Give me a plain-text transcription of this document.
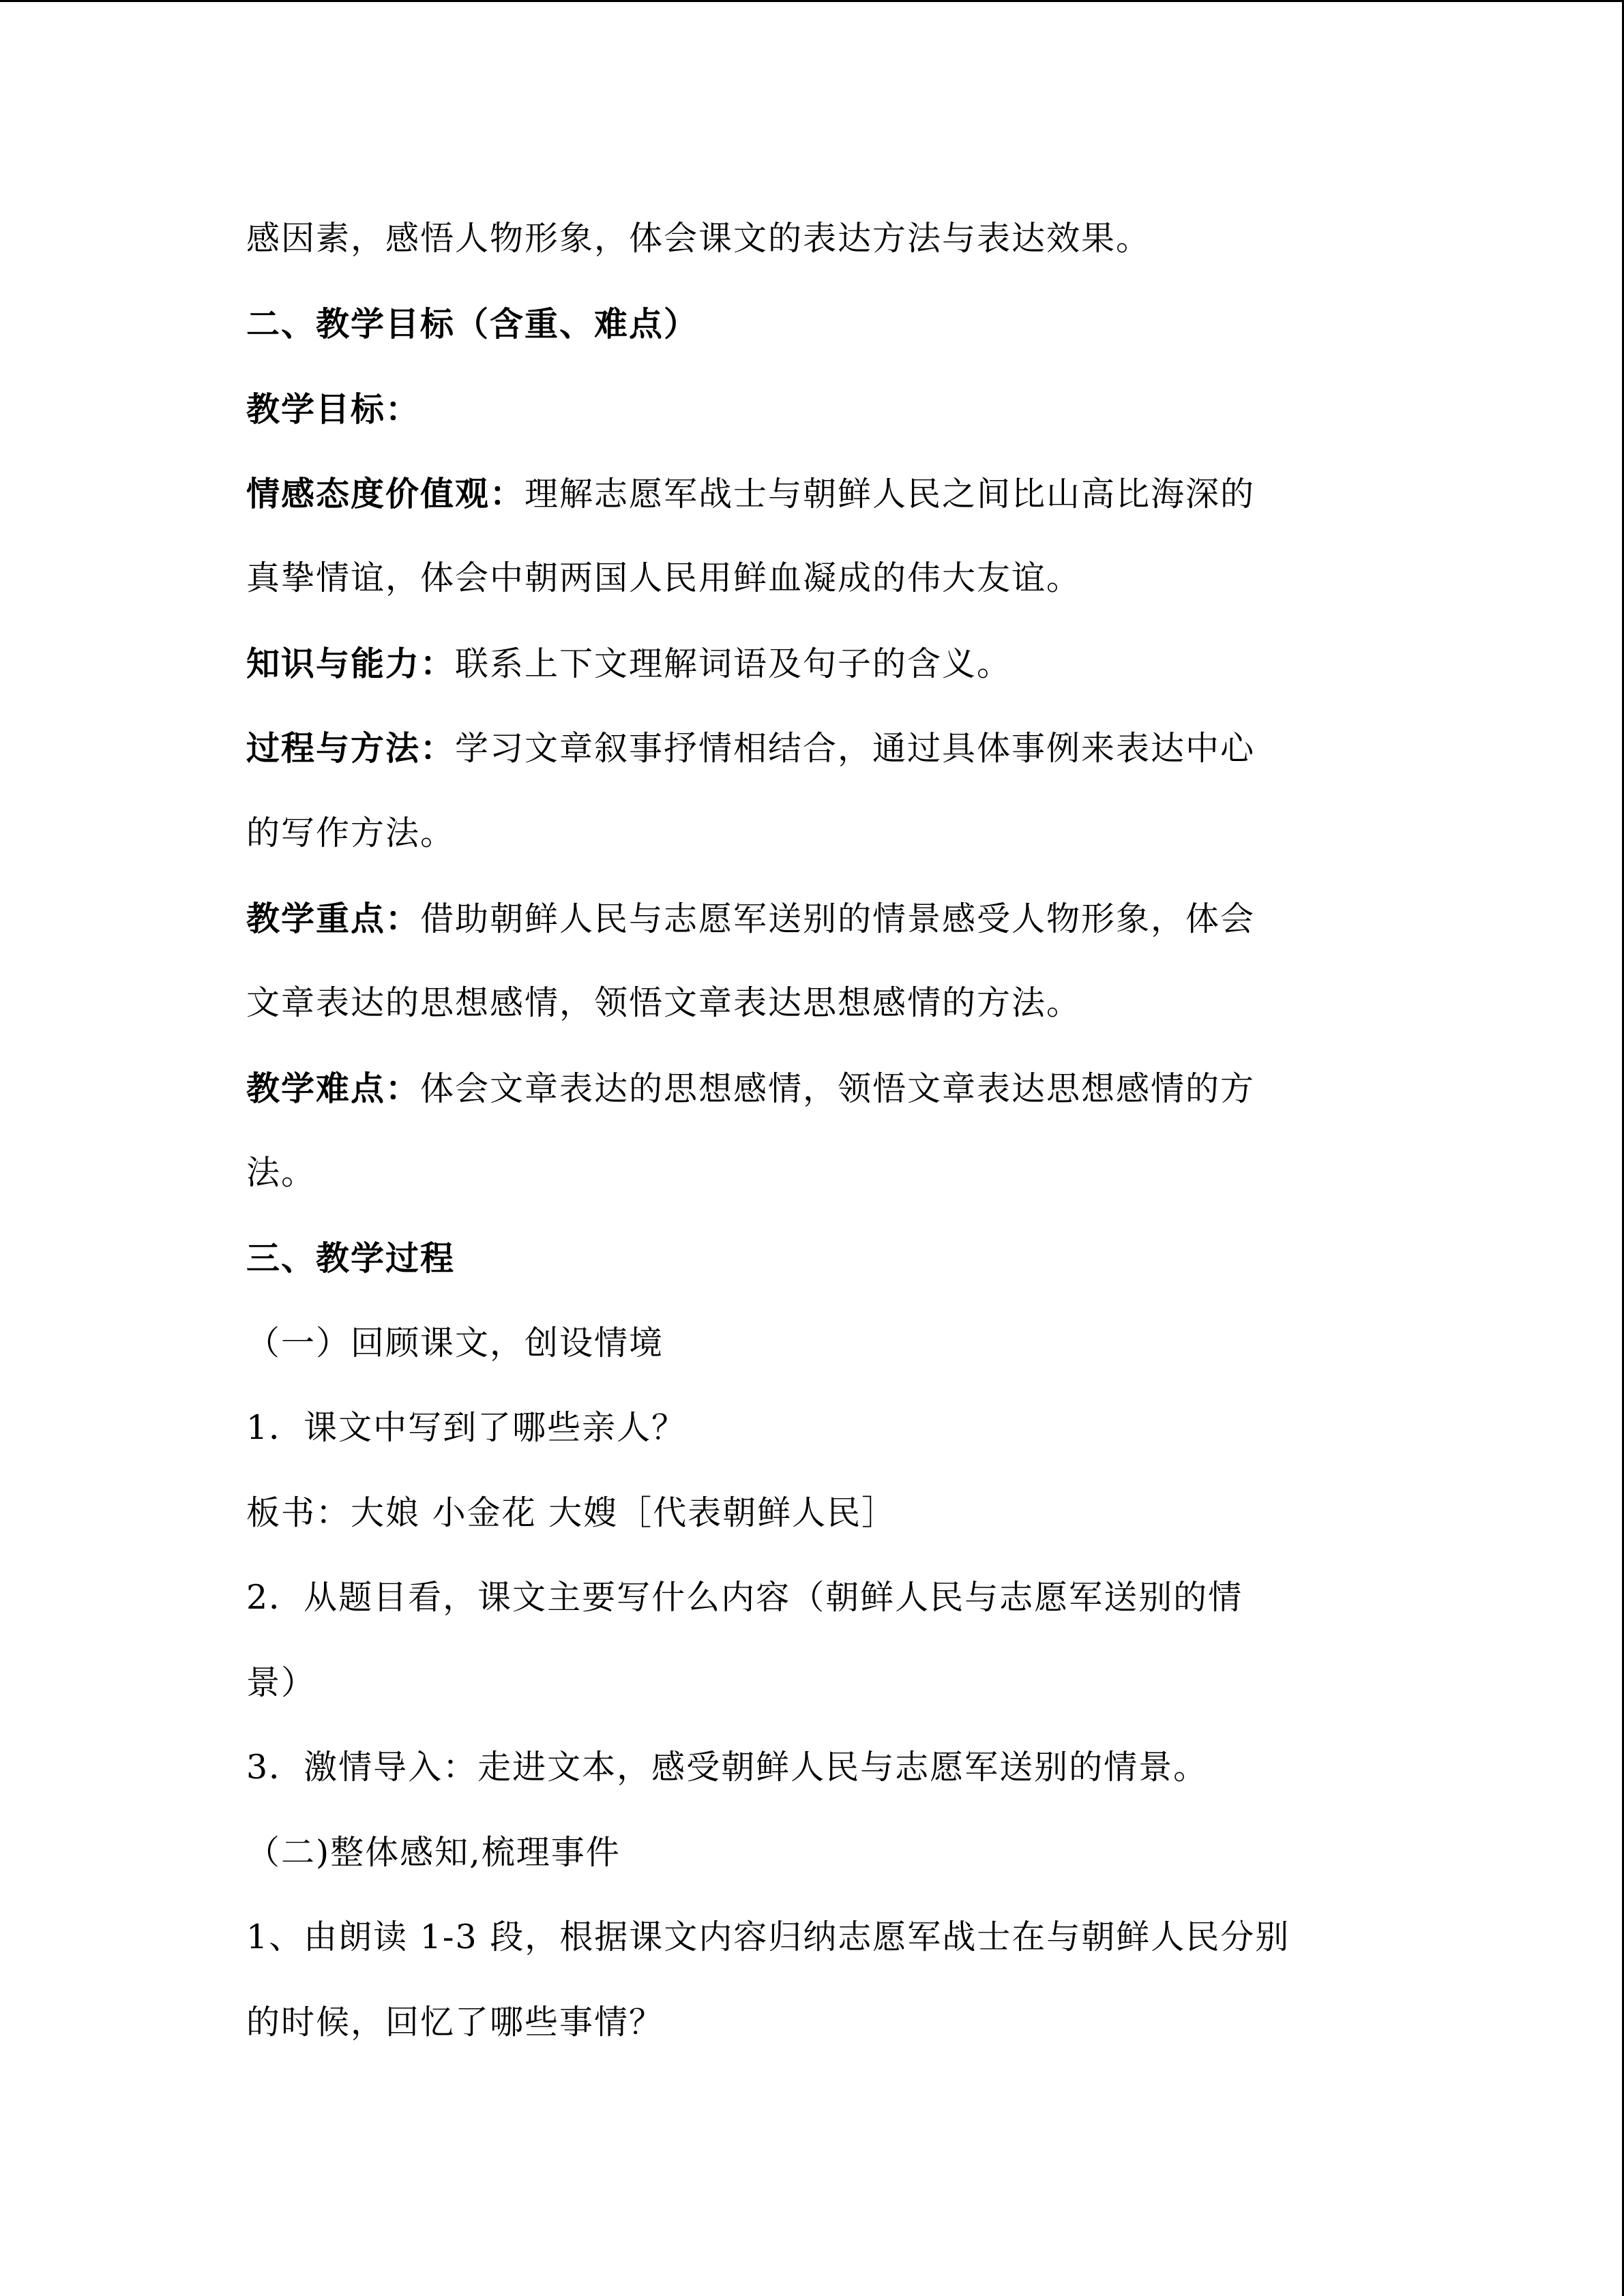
感因素，感悟人物形象，体会课文的表达方法与表达效果。
二、教学目标（含重、难点）
教学目标：
情感态度价值观：理解志愿军战士与朝鲜人民之间比山高比海深的
真挚情谊，体会中朝两国人民用鲜血凝成的伟大友谊。
知识与能力：联系上下文理解词语及句子的含义。
过程与方法：学习文章叙事抒情相结合，通过具体事例来表达中心
的写作方法。
教学重点：借助朝鲜人民与志愿军送别的情景感受人物形象，体会
文章表达的思想感情，领悟文章表达思想感情的方法。
教学难点：体会文章表达的思想感情，领悟文章表达思想感情的方
法。
三、教学过程
（一）回顾课文，创设情境
1．课文中写到了哪些亲人？
板书：大娘 小金花 大嫂［代表朝鲜人民］
2．从题目看，课文主要写什么内容（朝鲜人民与志愿军送别的情
景）
3．激情导入：走进文本，感受朝鲜人民与志愿军送别的情景。
（二)整体感知,梳理事件
1、由朗读 1-3 段，根据课文内容归纳志愿军战士在与朝鲜人民分别
的时候，回忆了哪些事情？
